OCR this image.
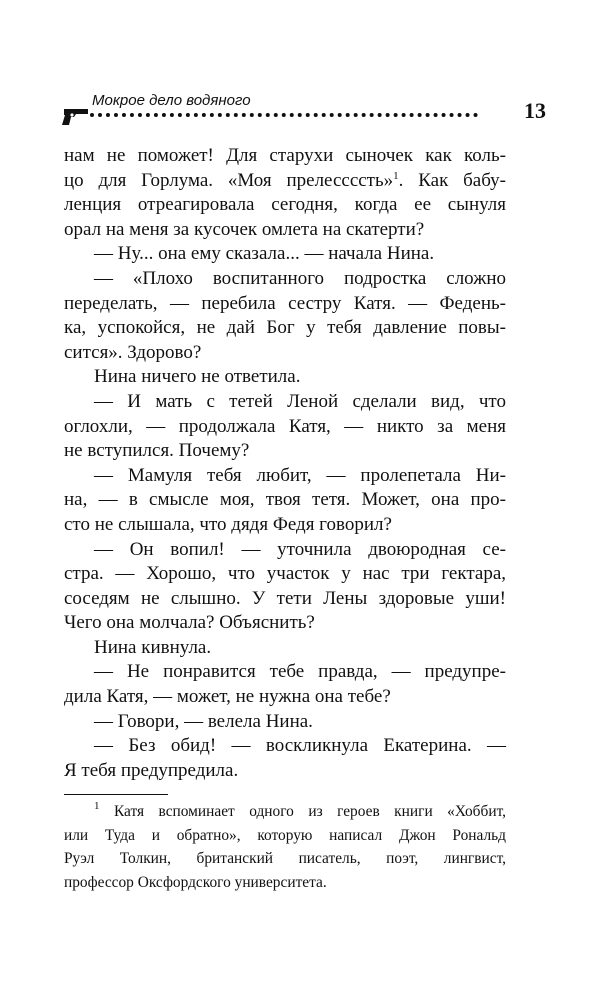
Мокрое дело водяного	13
нам не поможет! Для старухи сыночек как коль-
цо для Горлума. «Моя прелессссть»$^1$. Как бабу-
ленция отреагировала сегодня, когда ее сынуля
орал на меня за кусочек омлета на скатерти?
— Ну... она ему сказала... — начала Нина.
— «Плохо воспитанного подростка сложно
переделать, — перебила сестру Катя. — Федень-
ка, успокойся, не дай Бог у тебя давление повы-
сится». Здорово?
Нина ничего не ответила.
— И мать с тетей Леной сделали вид, что
оглохли, — продолжала Катя, — никто за меня
не вступился. Почему?
— Мамуля тебя любит, — пролепетала Ни-
на, — в смысле моя, твоя тетя. Может, она про-
сто не слышала, что дядя Федя говорил?
— Он вопил! — уточнила двоюродная се-
стра. — Хорошо, что участок у нас три гектара,
соседям не слышно. У тети Лены здоровые уши!
Чего она молчала? Объяснить?
Нина кивнула.
— Не понравится тебе правда, — предупре-
дила Катя, — может, не нужна она тебе?
— Говори, — велела Нина.
— Без обид! — воскликнула Екатерина. —
Я тебя предупредила.
$^1$ Катя вспоминает одного из героев книги «Хоббит,
или Туда и обратно», которую написал Джон Рональд
Руэл Толкин, британский писатель, поэт, лингвист,
профессор Оксфордского университета.
